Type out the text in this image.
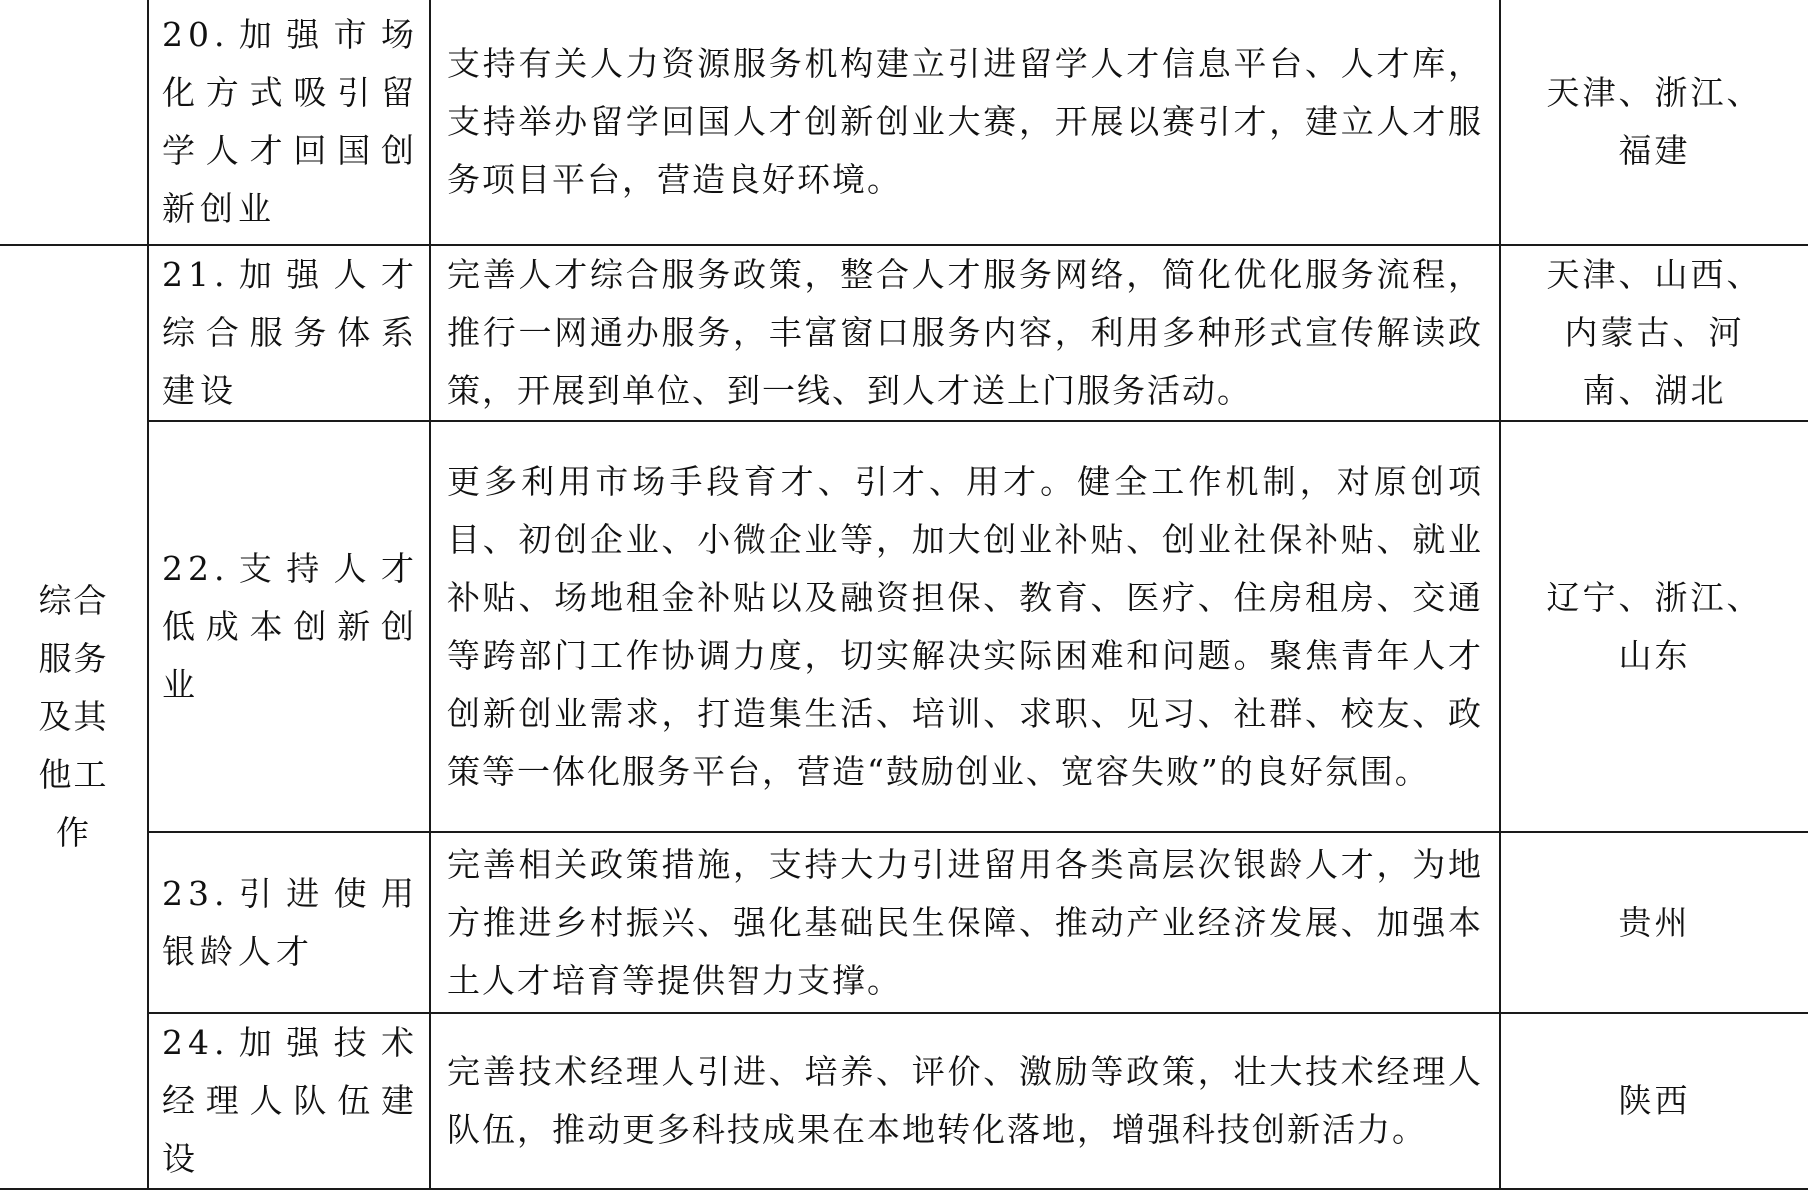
	20.加强市场化方式吸引留学人才回国创新创业	支持有关人力资源服务机构建立引进留学人才信息平台、人才库，支持举办留学回国人才创新创业大赛，开展以赛引才，建立人才服务项目平台，营造良好环境。	天津、浙江、福建

综合服务及其他工作	21.加强人才综合服务体系建设	完善人才综合服务政策，整合人才服务网络，简化优化服务流程，推行一网通办服务，丰富窗口服务内容，利用多种形式宣传解读政策，开展到单位、到一线、到人才送上门服务活动。	天津、山西、内蒙古、河南、湖北

	22.支持人才低成本创新创业	更多利用市场手段育才、引才、用才。健全工作机制，对原创项目、初创企业、小微企业等，加大创业补贴、创业社保补贴、就业补贴、场地租金补贴以及融资担保、教育、医疗、住房租房、交通等跨部门工作协调力度，切实解决实际困难和问题。聚焦青年人才创新创业需求，打造集生活、培训、求职、见习、社群、校友、政策等一体化服务平台，营造“鼓励创业、宽容失败”的良好氛围。	辽宁、浙江、山东

	23.引进使用银龄人才	完善相关政策措施，支持大力引进留用各类高层次银龄人才，为地方推进乡村振兴、强化基础民生保障、推动产业经济发展、加强本土人才培育等提供智力支撑。	贵州

	24.加强技术经理人队伍建设	完善技术经理人引进、培养、评价、激励等政策，壮大技术经理人队伍，推动更多科技成果在本地转化落地，增强科技创新活力。	陕西
